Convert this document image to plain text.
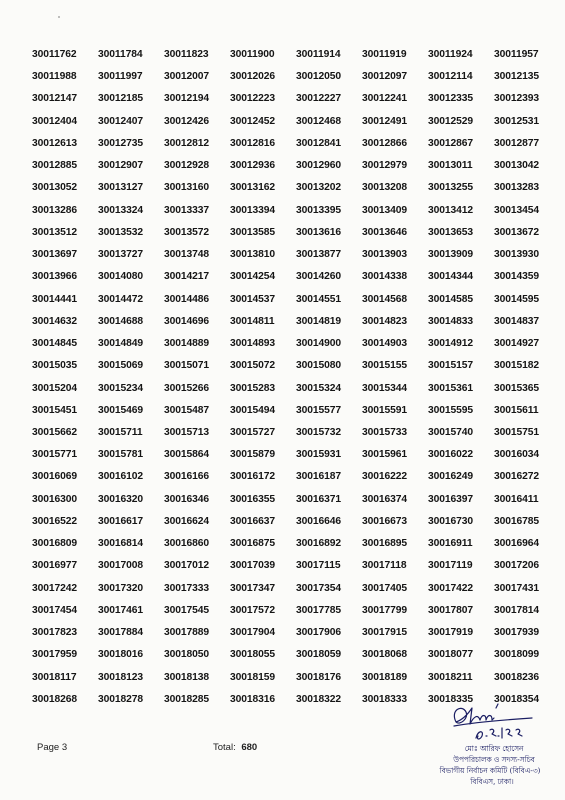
30011762	30011784	30011823	30011900	30011914	30011919	30011924	30011957
30011988	30011997	30012007	30012026	30012050	30012097	30012114	30012135
30012147	30012185	30012194	30012223	30012227	30012241	30012335	30012393
30012404	30012407	30012426	30012452	30012468	30012491	30012529	30012531
30012613	30012735	30012812	30012816	30012841	30012866	30012867	30012877
30012885	30012907	30012928	30012936	30012960	30012979	30013011	30013042
30013052	30013127	30013160	30013162	30013202	30013208	30013255	30013283
30013286	30013324	30013337	30013394	30013395	30013409	30013412	30013454
30013512	30013532	30013572	30013585	30013616	30013646	30013653	30013672
30013697	30013727	30013748	30013810	30013877	30013903	30013909	30013930
30013966	30014080	30014217	30014254	30014260	30014338	30014344	30014359
30014441	30014472	30014486	30014537	30014551	30014568	30014585	30014595
30014632	30014688	30014696	30014811	30014819	30014823	30014833	30014837
30014845	30014849	30014889	30014893	30014900	30014903	30014912	30014927
30015035	30015069	30015071	30015072	30015080	30015155	30015157	30015182
30015204	30015234	30015266	30015283	30015324	30015344	30015361	30015365
30015451	30015469	30015487	30015494	30015577	30015591	30015595	30015611
30015662	30015711	30015713	30015727	30015732	30015733	30015740	30015751
30015771	30015781	30015864	30015879	30015931	30015961	30016022	30016034
30016069	30016102	30016166	30016172	30016187	30016222	30016249	30016272
30016300	30016320	30016346	30016355	30016371	30016374	30016397	30016411
30016522	30016617	30016624	30016637	30016646	30016673	30016730	30016785
30016809	30016814	30016860	30016875	30016892	30016895	30016911	30016964
30016977	30017008	30017012	30017039	30017115	30017118	30017119	30017206
30017242	30017320	30017333	30017347	30017354	30017405	30017422	30017431
30017454	30017461	30017545	30017572	30017785	30017799	30017807	30017814
30017823	30017884	30017889	30017904	30017906	30017915	30017919	30017939
30017959	30018016	30018050	30018055	30018059	30018068	30018077	30018099
30018117	30018123	30018138	30018159	30018176	30018189	30018211	30018236
30018268	30018278	30018285	30018316	30018322	30018333	30018335	30018354
Page 3	Total: 680	মোঃ আরিফ হোসেন
উপপরিচালক ও সদস্য-সচিব
বিভাগীয় নির্বাচন কমিটি (বিবিএ-৩)
বিবিএস, ঢাকা।
